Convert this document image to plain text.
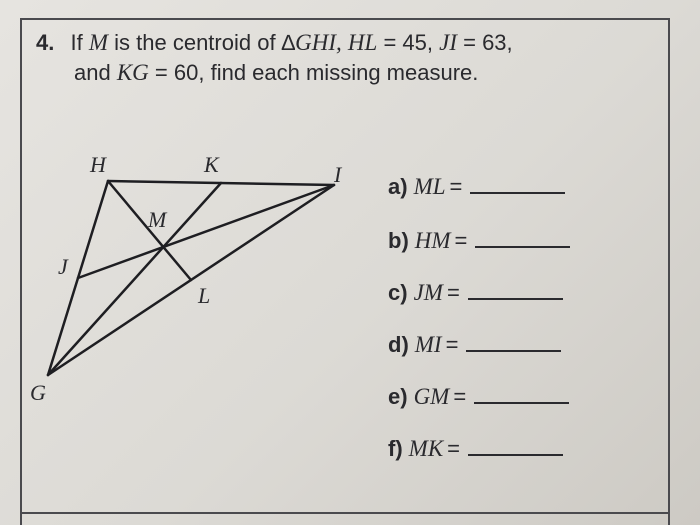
4. If M is the centroid of ∆GHI, HL = 45, JI = 63,
and KG = 60, find each missing measure.
H	K	I
M
J
L
G
a) ML =
b) HM =
c) JM =
d) MI =
e) GM =
f) MK =
